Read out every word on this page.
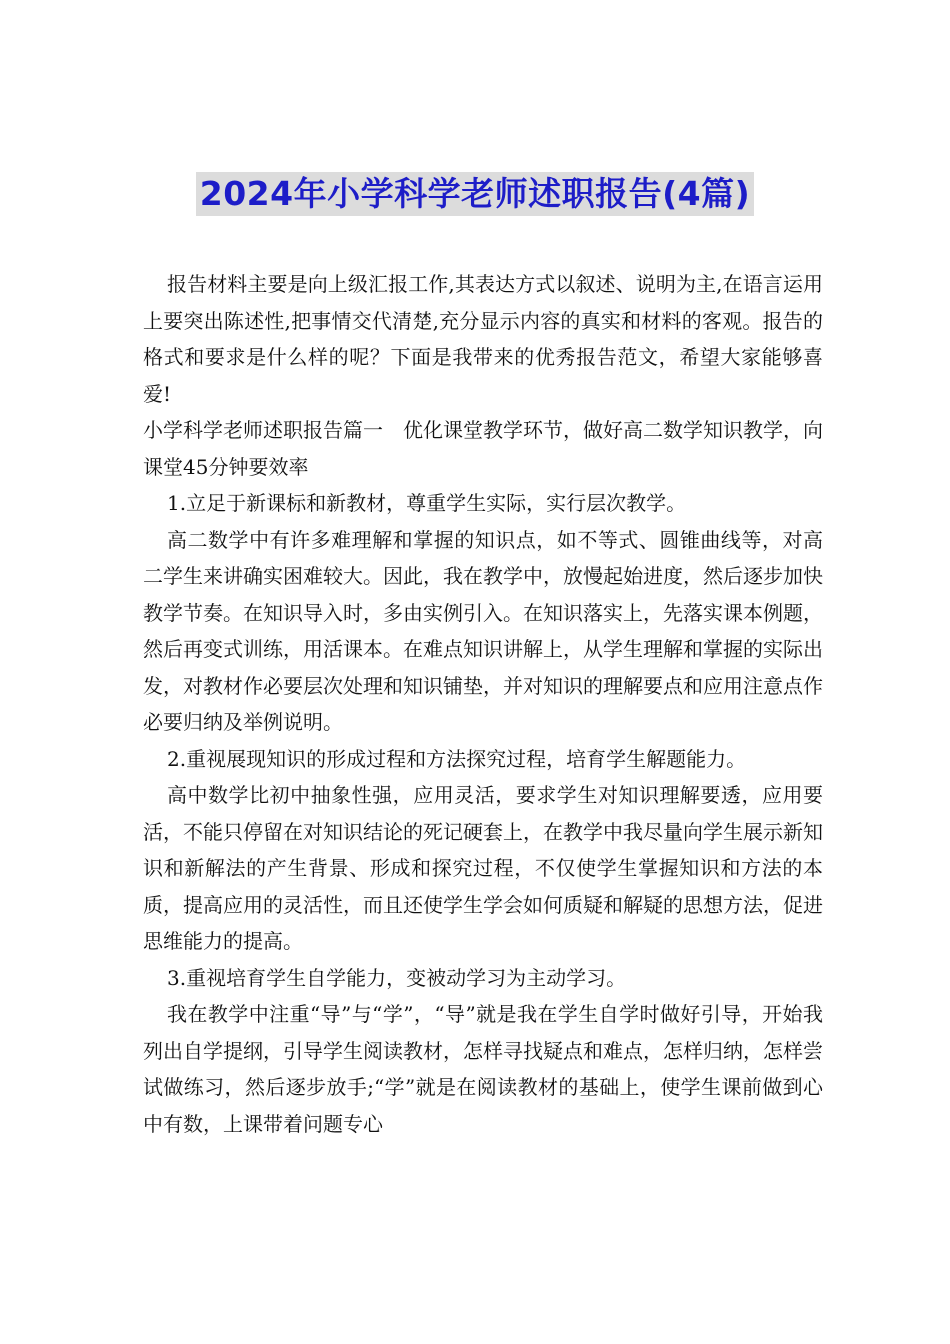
2024年小学科学老师述职报告(4篇)

报告材料主要是向上级汇报工作,其表达方式以叙述、说明为主,在语言运用上要突出陈述性,把事情交代清楚,充分显示内容的真实和材料的客观。报告的格式和要求是什么样的呢？下面是我带来的优秀报告范文，希望大家能够喜爱!

小学科学老师述职报告篇一　优化课堂教学环节，做好高二数学知识教学，向课堂45分钟要效率

1.立足于新课标和新教材，尊重学生实际，实行层次教学。

高二数学中有许多难理解和掌握的知识点，如不等式、圆锥曲线等，对高二学生来讲确实困难较大。因此，我在教学中，放慢起始进度，然后逐步加快教学节奏。在知识导入时，多由实例引入。在知识落实上，先落实课本例题，然后再变式训练，用活课本。在难点知识讲解上，从学生理解和掌握的实际出发，对教材作必要层次处理和知识铺垫，并对知识的理解要点和应用注意点作必要归纳及举例说明。

2.重视展现知识的形成过程和方法探究过程，培育学生解题能力。

高中数学比初中抽象性强，应用灵活，要求学生对知识理解要透，应用要活，不能只停留在对知识结论的死记硬套上，在教学中我尽量向学生展示新知识和新解法的产生背景、形成和探究过程，不仅使学生掌握知识和方法的本质，提高应用的灵活性，而且还使学生学会如何质疑和解疑的思想方法，促进思维能力的提高。

3.重视培育学生自学能力，变被动学习为主动学习。

我在教学中注重“导”与“学”，“导”就是我在学生自学时做好引导，开始我列出自学提纲，引导学生阅读教材，怎样寻找疑点和难点，怎样归纳，怎样尝试做练习，然后逐步放手;“学”就是在阅读教材的基础上，使学生课前做到心中有数，上课带着问题专心
